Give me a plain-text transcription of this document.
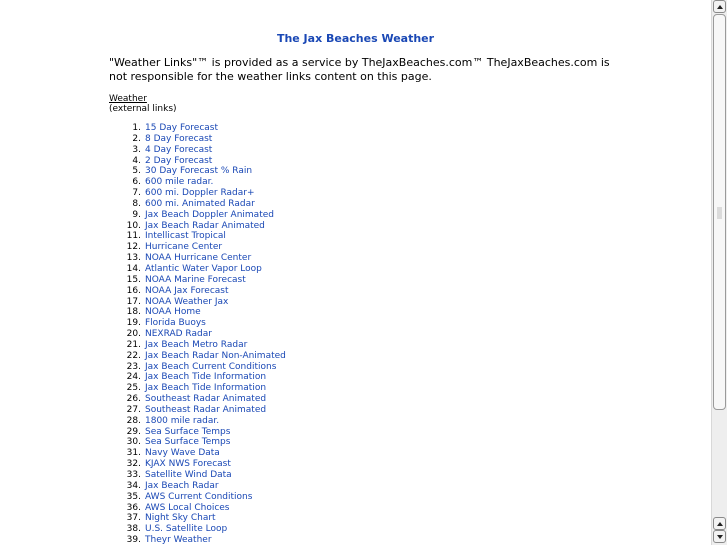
The Jax Beaches Weather
"Weather Links"™ is provided as a service by TheJaxBeaches.com™ TheJaxBeaches.com is not responsible for the weather links content on this page.
Weather
(external links)
1. 15 Day Forecast
2. 8 Day Forecast
3. 4 Day Forecast
4. 2 Day Forecast
5. 30 Day Forecast % Rain
6. 600 mile radar.
7. 600 mi. Doppler Radar+
8. 600 mi. Animated Radar
9. Jax Beach Doppler Animated
10. Jax Beach Radar Animated
11. Intellicast Tropical
12. Hurricane Center
13. NOAA Hurricane Center
14. Atlantic Water Vapor Loop
15. NOAA Marine Forecast
16. NOAA Jax Forecast
17. NOAA Weather Jax
18. NOAA Home
19. Florida Buoys
20. NEXRAD Radar
21. Jax Beach Metro Radar
22. Jax Beach Radar Non-Animated
23. Jax Beach Current Conditions
24. Jax Beach Tide Information
25. Jax Beach Tide Information
26. Southeast Radar Animated
27. Southeast Radar Animated
28. 1800 mile radar.
29. Sea Surface Temps
30. Sea Surface Temps
31. Navy Wave Data
32. KJAX NWS Forecast
33. Satellite Wind Data
34. Jax Beach Radar
35. AWS Current Conditions
36. AWS Local Choices
37. Night Sky Chart
38. U.S. Satellite Loop
39. Theyr Weather
